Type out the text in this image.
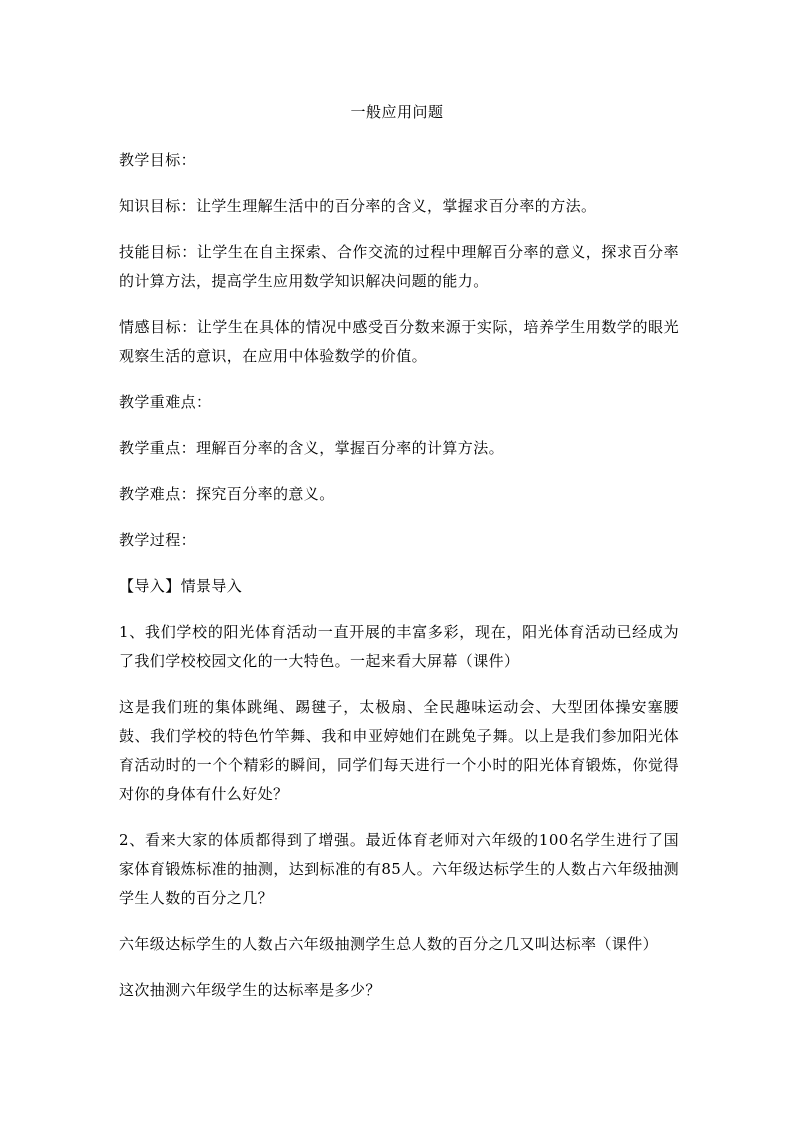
一般应用问题

教学目标：

知识目标：让学生理解生活中的百分率的含义，掌握求百分率的方法。

技能目标：让学生在自主探索、合作交流的过程中理解百分率的意义，探求百分率的计算方法，提高学生应用数学知识解决问题的能力。

情感目标：让学生在具体的情况中感受百分数来源于实际，培养学生用数学的眼光观察生活的意识，在应用中体验数学的价值。

教学重难点：

教学重点：理解百分率的含义，掌握百分率的计算方法。

教学难点：探究百分率的意义。

教学过程：

【导入】情景导入

1、我们学校的阳光体育活动一直开展的丰富多彩，现在，阳光体育活动已经成为了我们学校校园文化的一大特色。一起来看大屏幕（课件）

这是我们班的集体跳绳、踢毽子，太极扇、全民趣味运动会、大型团体操安塞腰鼓、我们学校的特色竹竿舞、我和申亚婷她们在跳兔子舞。以上是我们参加阳光体育活动时的一个个精彩的瞬间，同学们每天进行一个小时的阳光体育锻炼，你觉得对你的身体有什么好处？

2、看来大家的体质都得到了增强。最近体育老师对六年级的100名学生进行了国家体育锻炼标准的抽测，达到标准的有85人。六年级达标学生的人数占六年级抽测学生人数的百分之几？

六年级达标学生的人数占六年级抽测学生总人数的百分之几又叫达标率（课件）

这次抽测六年级学生的达标率是多少？
